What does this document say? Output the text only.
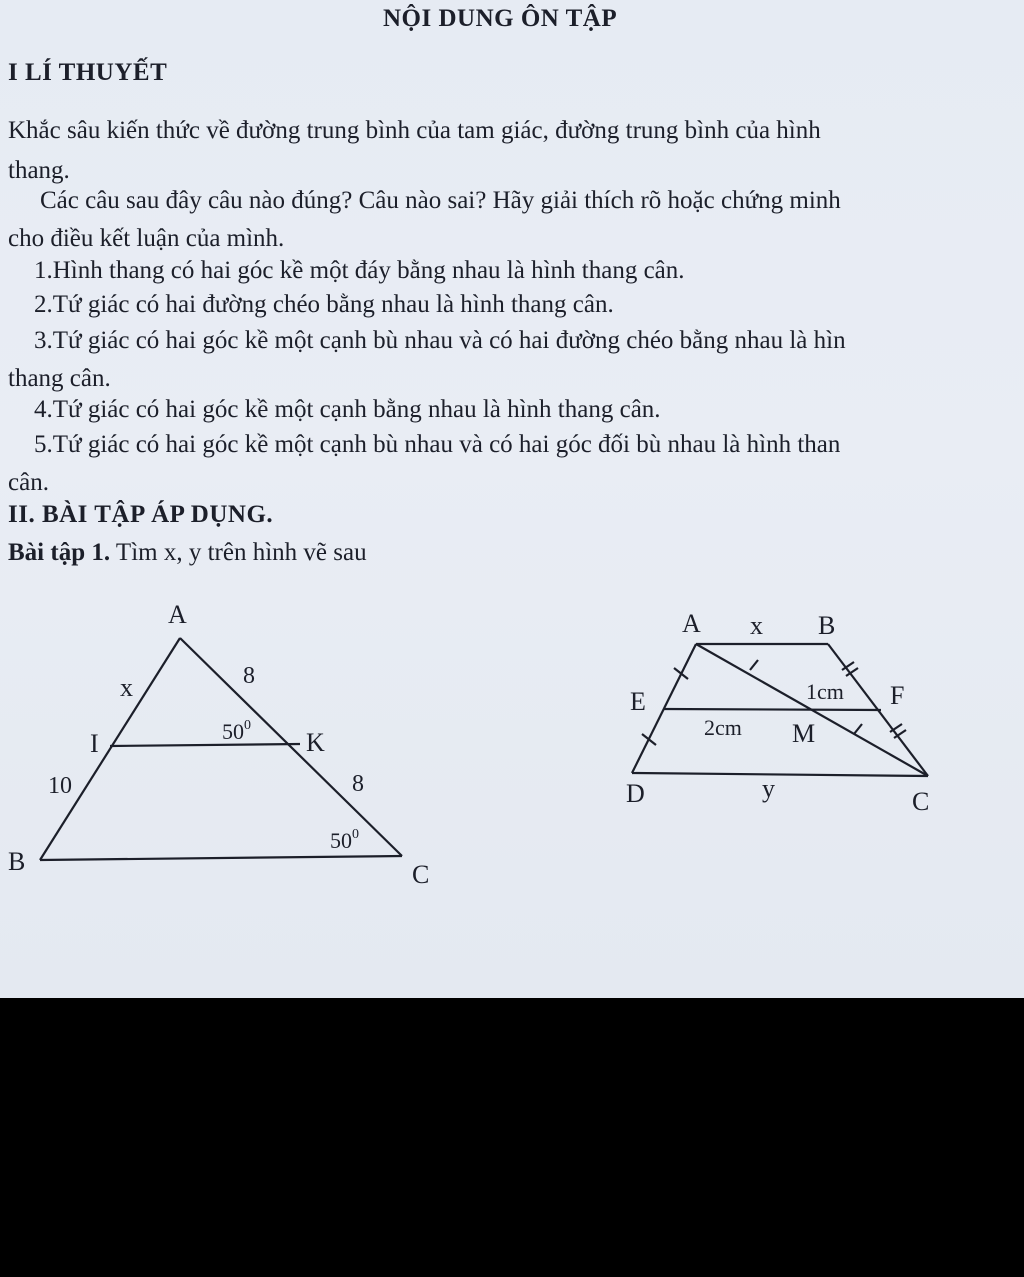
NỘI DUNG ÔN TẬP
I LÍ THUYẾT
Khắc sâu kiến thức về đường trung bình của tam giác, đường trung bình của hình
thang.
Các câu sau đây câu nào đúng? Câu nào sai? Hãy giải thích rõ hoặc chứng minh
cho điều kết luận của mình.
1.Hình thang có hai góc kề một đáy bằng nhau là hình thang cân.
2.Tứ giác có hai đường chéo bằng nhau là hình thang cân.
3.Tứ giác có hai góc kề một cạnh bù nhau và có hai đường chéo bằng nhau là hìn
thang cân.
4.Tứ giác có hai góc kề một cạnh bằng nhau là hình thang cân.
5.Tứ giác có hai góc kề một cạnh bù nhau và có hai góc đối bù nhau là hình than
cân.
II. BÀI TẬP ÁP DỤNG.
Bài tập 1. Tìm x, y trên hình vẽ sau
A
I	K
B	C
x	8
$50^0$
10	8
$50^0$
A x B
E	1cm F
2cm M
D	y	C
